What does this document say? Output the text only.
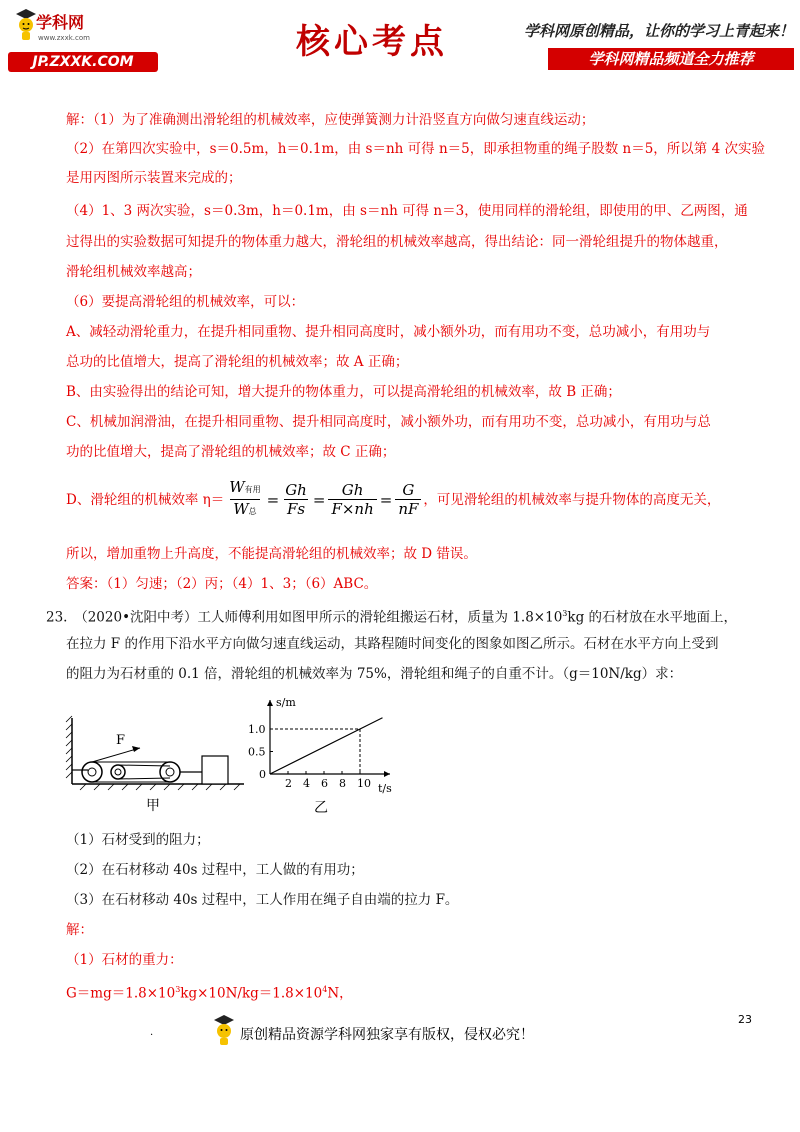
学科网
www.zxxk.com
JP.ZXXK.COM	核心考点	学科网原创精品，让你的学习上青起来！
学科网精品频道全力推荐
解：（1）为了准确测出滑轮组的机械效率，应使弹簧测力计沿竖直方向做匀速直线运动；
（2）在第四次实验中，s＝0.5m，h＝0.1m，由 s＝nh 可得 n＝5，即承担物重的绳子股数 n＝5，所以第 4 次实验
是用丙图所示装置来完成的；
（4）1、3 两次实验，s＝0.3m，h＝0.1m，由 s＝nh 可得 n＝3，使用同样的滑轮组，即使用的甲、乙两图，通
过得出的实验数据可知提升的物体重力越大，滑轮组的机械效率越高，得出结论：同一滑轮组提升的物体越重，
滑轮组机械效率越高；
（6）要提高滑轮组的机械效率，可以：
A、减轻动滑轮重力，在提升相同重物、提升相同高度时，减小额外功，而有用功不变，总功减小，有用功与
总功的比值增大，提高了滑轮组的机械效率；故 A 正确；
B、由实验得出的结论可知，增大提升的物体重力，可以提高滑轮组的机械效率，故 B 正确；
C、机械加润滑油，在提升相同重物、提升相同高度时，减小额外功，而有用功不变，总功减小，有用功与总
功的比值增大，提高了滑轮组的机械效率；故 C 正确；
D、滑轮组的机械效率 $\eta= \frac{\text{W有用}}{\text{W总}} = \frac{Gh}{Fs} = \frac{Gh}{F\times nh} = \frac{G}{nF}$ ，可见滑轮组的机械效率与提升物体的高度无关，
所以，增加重物上升高度，不能提高滑轮组的机械效率；故 D 错误。
答案：（1）匀速；（2）丙；（4）1、3；（6）ABC。
23.　（2020•沈阳中考）工人师傅利用如图甲所示的滑轮组搬运石材，质量为 $1.8\times 10^3kg$ 的石材放在水平地面上，
在拉力 F 的作用下沿水平方向做匀速直线运动，其路程随时间变化的图象如图乙所示。石材在水平方向上受到
的阻力为石材重的 0.1 倍，滑轮组的机械效率为 75%，滑轮组和绳子的自重不计。（g＝10N/kg）求：
F
甲
s/m
t/s
2 4 6 8 10
1.0
0.5
0
乙
（1）石材受到的阻力；
（2）在石材移动 40s 过程中，工人做的有用功；
（3）在石材移动 40s 过程中，工人作用在绳子自由端的拉力 F。
解：
（1）石材的重力：
$G=mg=1.8\times 10^3kg\times 10N/kg=1.8\times 10^4N$，
23
.	原创精品资源学科网独家享有版权，侵权必究！
